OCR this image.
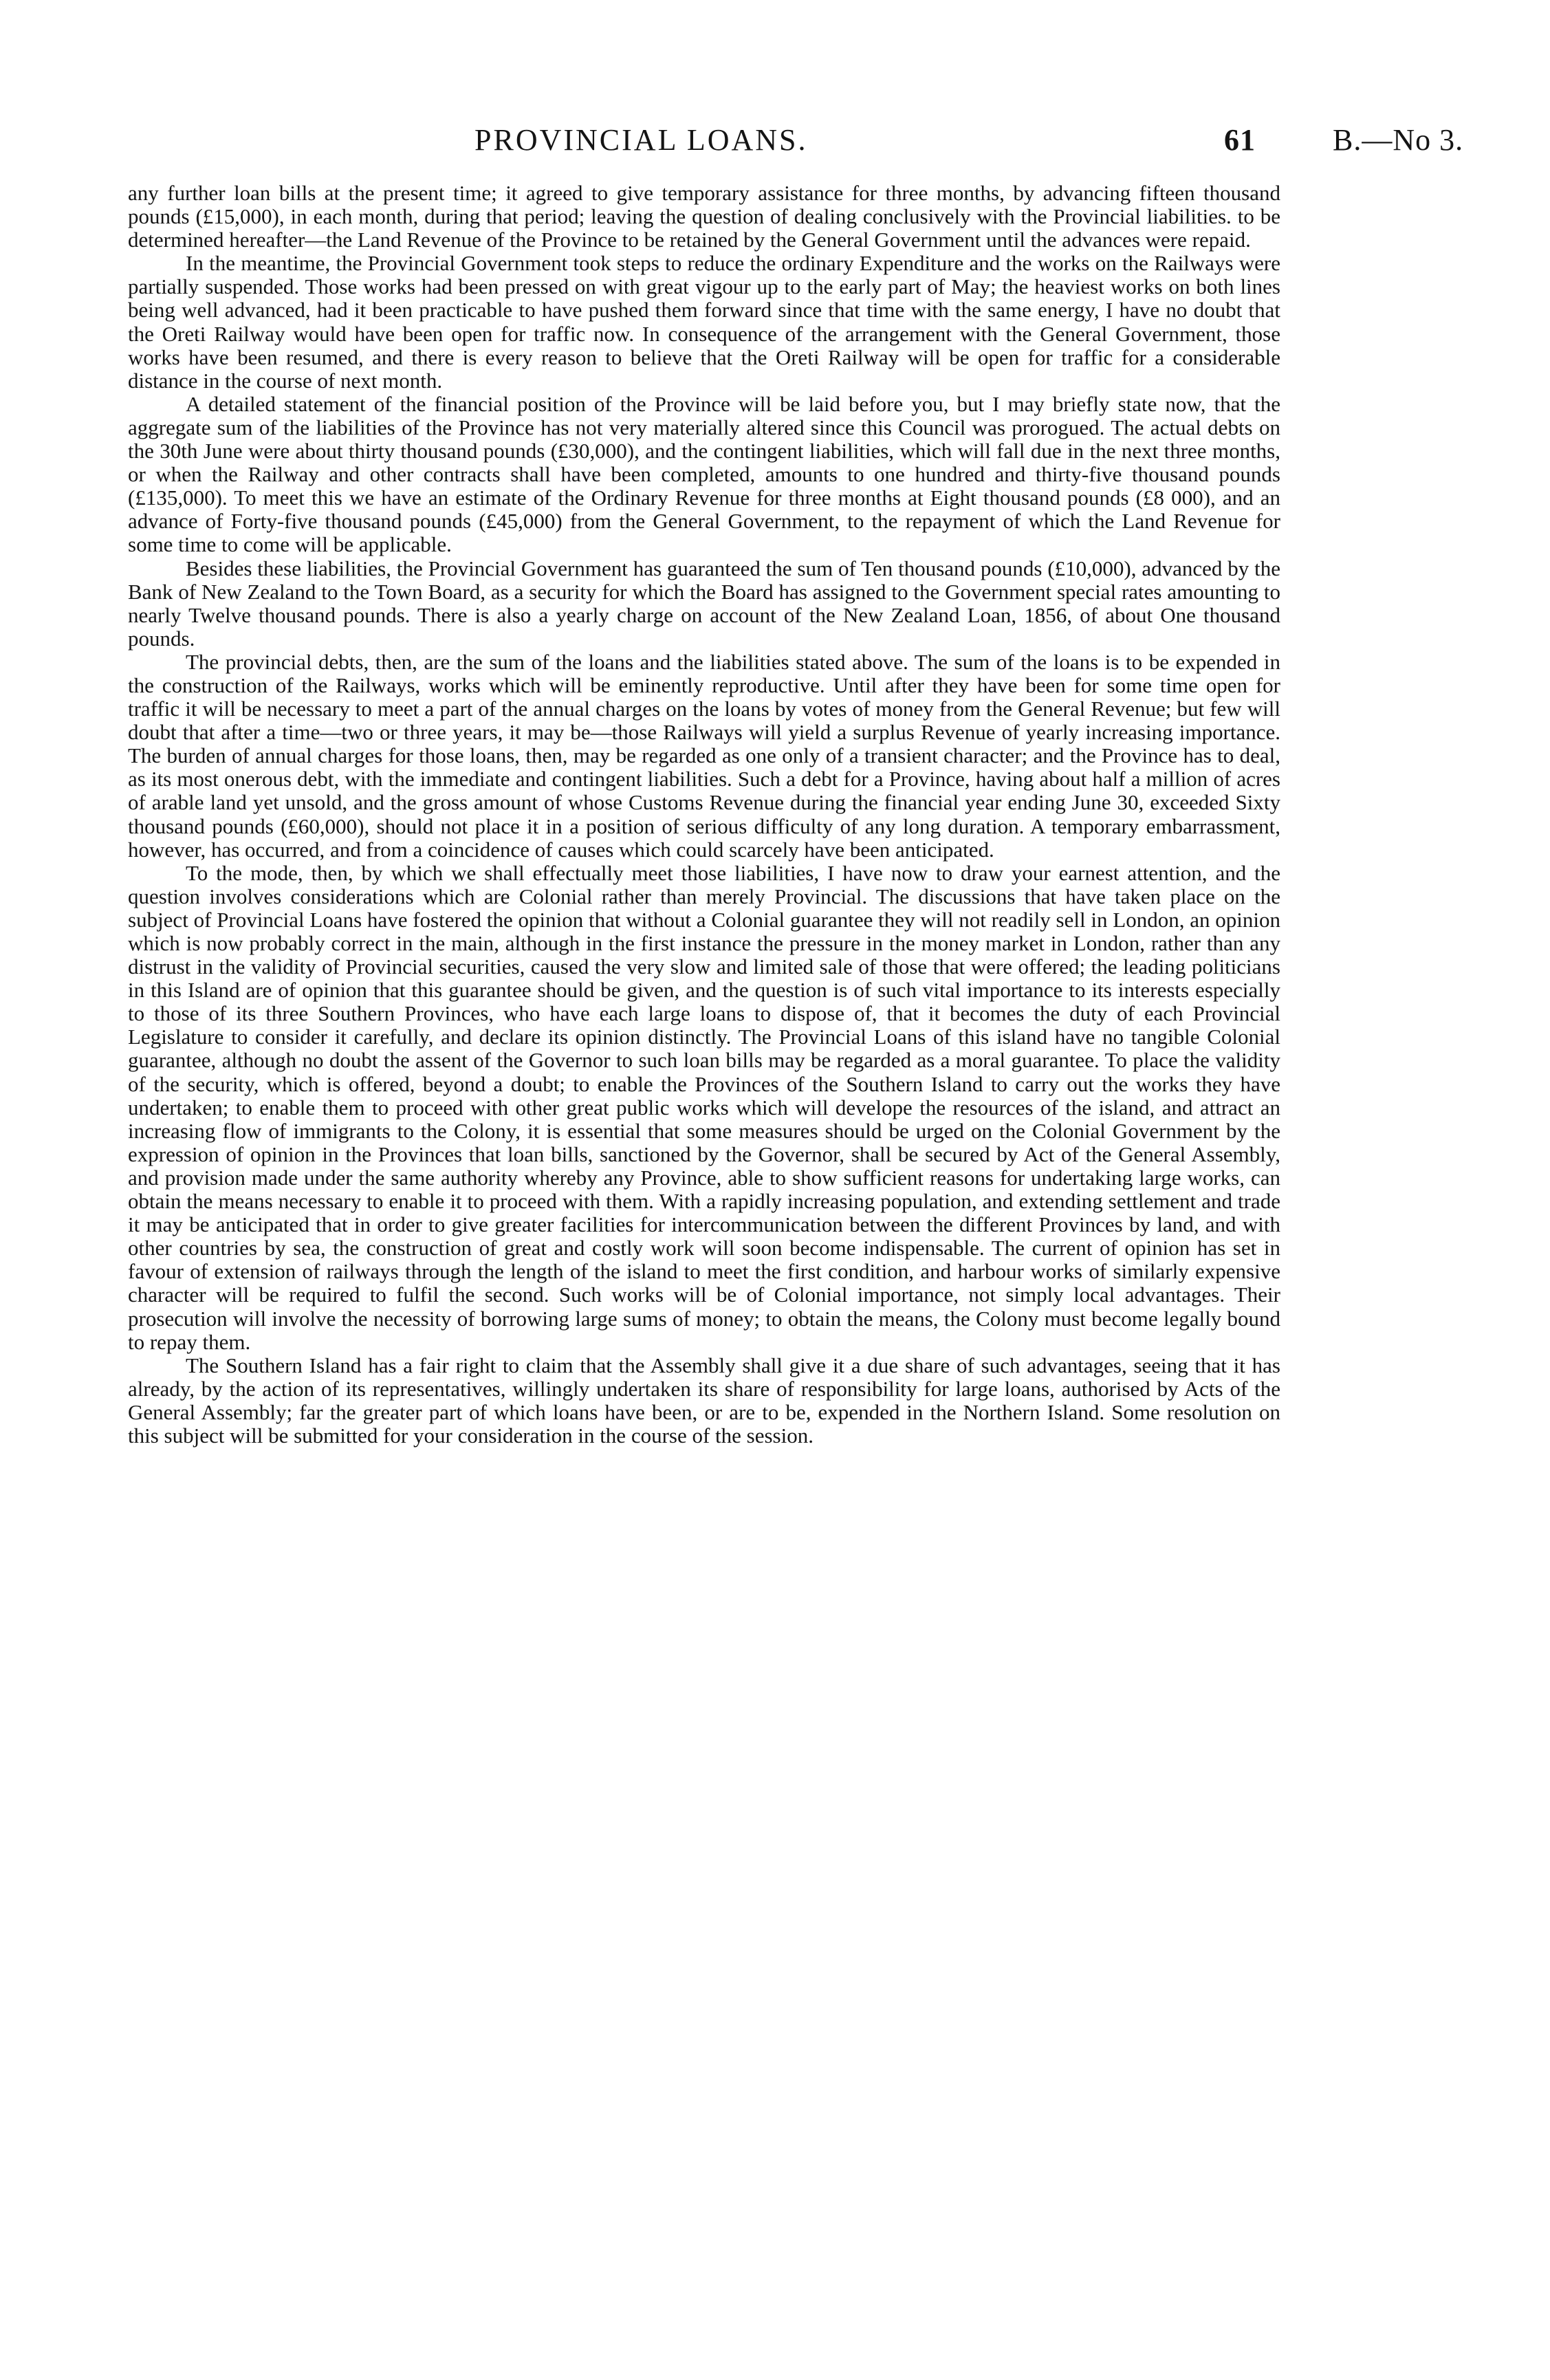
PROVINCIAL LOANS.	61	B.—No 3.

any further loan bills at the present time; it agreed to give temporary assistance for three months, by advancing fifteen thousand pounds (£15,000), in each month, during that period; leaving the question of dealing conclusively with the Provincial liabilities. to be determined hereafter—the Land Revenue of the Province to be retained by the General Government until the advances were repaid.

In the meantime, the Provincial Government took steps to reduce the ordinary Expenditure and the works on the Railways were partially suspended. Those works had been pressed on with great vigour up to the early part of May; the heaviest works on both lines being well advanced, had it been practicable to have pushed them forward since that time with the same energy, I have no doubt that the Oreti Railway would have been open for traffic now. In consequence of the arrangement with the General Government, those works have been resumed, and there is every reason to believe that the Oreti Railway will be open for traffic for a considerable distance in the course of next month.

A detailed statement of the financial position of the Province will be laid before you, but I may briefly state now, that the aggregate sum of the liabilities of the Province has not very materially altered since this Council was prorogued. The actual debts on the 30th June were about thirty thousand pounds (£30,000), and the contingent liabilities, which will fall due in the next three months, or when the Railway and other contracts shall have been completed, amounts to one hundred and thirty-five thousand pounds (£135,000). To meet this we have an estimate of the Ordinary Revenue for three months at Eight thousand pounds (£8 000), and an advance of Forty-five thousand pounds (£45,000) from the General Government, to the repayment of which the Land Revenue for some time to come will be applicable.

Besides these liabilities, the Provincial Government has guaranteed the sum of Ten thousand pounds (£10,000), advanced by the Bank of New Zealand to the Town Board, as a security for which the Board has assigned to the Government special rates amounting to nearly Twelve thousand pounds. There is also a yearly charge on account of the New Zealand Loan, 1856, of about One thousand pounds.

The provincial debts, then, are the sum of the loans and the liabilities stated above. The sum of the loans is to be expended in the construction of the Railways, works which will be eminently reproductive. Until after they have been for some time open for traffic it will be necessary to meet a part of the annual charges on the loans by votes of money from the General Revenue; but few will doubt that after a time—two or three years, it may be—those Railways will yield a surplus Revenue of yearly increasing importance. The burden of annual charges for those loans, then, may be regarded as one only of a transient character; and the Province has to deal, as its most onerous debt, with the immediate and contingent liabilities. Such a debt for a Province, having about half a million of acres of arable land yet unsold, and the gross amount of whose Customs Revenue during the financial year ending June 30, exceeded Sixty thousand pounds (£60,000), should not place it in a position of serious difficulty of any long duration. A temporary embarrassment, however, has occurred, and from a coincidence of causes which could scarcely have been anticipated.

To the mode, then, by which we shall effectually meet those liabilities, I have now to draw your earnest attention, and the question involves considerations which are Colonial rather than merely Provincial. The discussions that have taken place on the subject of Provincial Loans have fostered the opinion that without a Colonial guarantee they will not readily sell in London, an opinion which is now probably correct in the main, although in the first instance the pressure in the money market in London, rather than any distrust in the validity of Provincial securities, caused the very slow and limited sale of those that were offered; the leading politicians in this Island are of opinion that this guarantee should be given, and the question is of such vital importance to its interests especially to those of its three Southern Provinces, who have each large loans to dispose of, that it becomes the duty of each Provincial Legislature to consider it carefully, and declare its opinion distinctly. The Provincial Loans of this island have no tangible Colonial guarantee, although no doubt the assent of the Governor to such loan bills may be regarded as a moral guarantee. To place the validity of the security, which is offered, beyond a doubt; to enable the Provinces of the Southern Island to carry out the works they have undertaken; to enable them to proceed with other great public works which will develope the resources of the island, and attract an increasing flow of immigrants to the Colony, it is essential that some measures should be urged on the Colonial Government by the expression of opinion in the Provinces that loan bills, sanctioned by the Governor, shall be secured by Act of the General Assembly, and provision made under the same authority whereby any Province, able to show sufficient reasons for undertaking large works, can obtain the means necessary to enable it to proceed with them. With a rapidly increasing population, and extending settlement and trade it may be anticipated that in order to give greater facilities for intercommunication between the different Provinces by land, and with other countries by sea, the construction of great and costly work will soon become indispensable. The current of opinion has set in favour of extension of railways through the length of the island to meet the first condition, and harbour works of similarly expensive character will be required to fulfil the second. Such works will be of Colonial importance, not simply local advantages. Their prosecution will involve the necessity of borrowing large sums of money; to obtain the means, the Colony must become legally bound to repay them.

The Southern Island has a fair right to claim that the Assembly shall give it a due share of such advantages, seeing that it has already, by the action of its representatives, willingly undertaken its share of responsibility for large loans, authorised by Acts of the General Assembly; far the greater part of which loans have been, or are to be, expended in the Northern Island. Some resolution on this subject will be submitted for your consideration in the course of the session.
